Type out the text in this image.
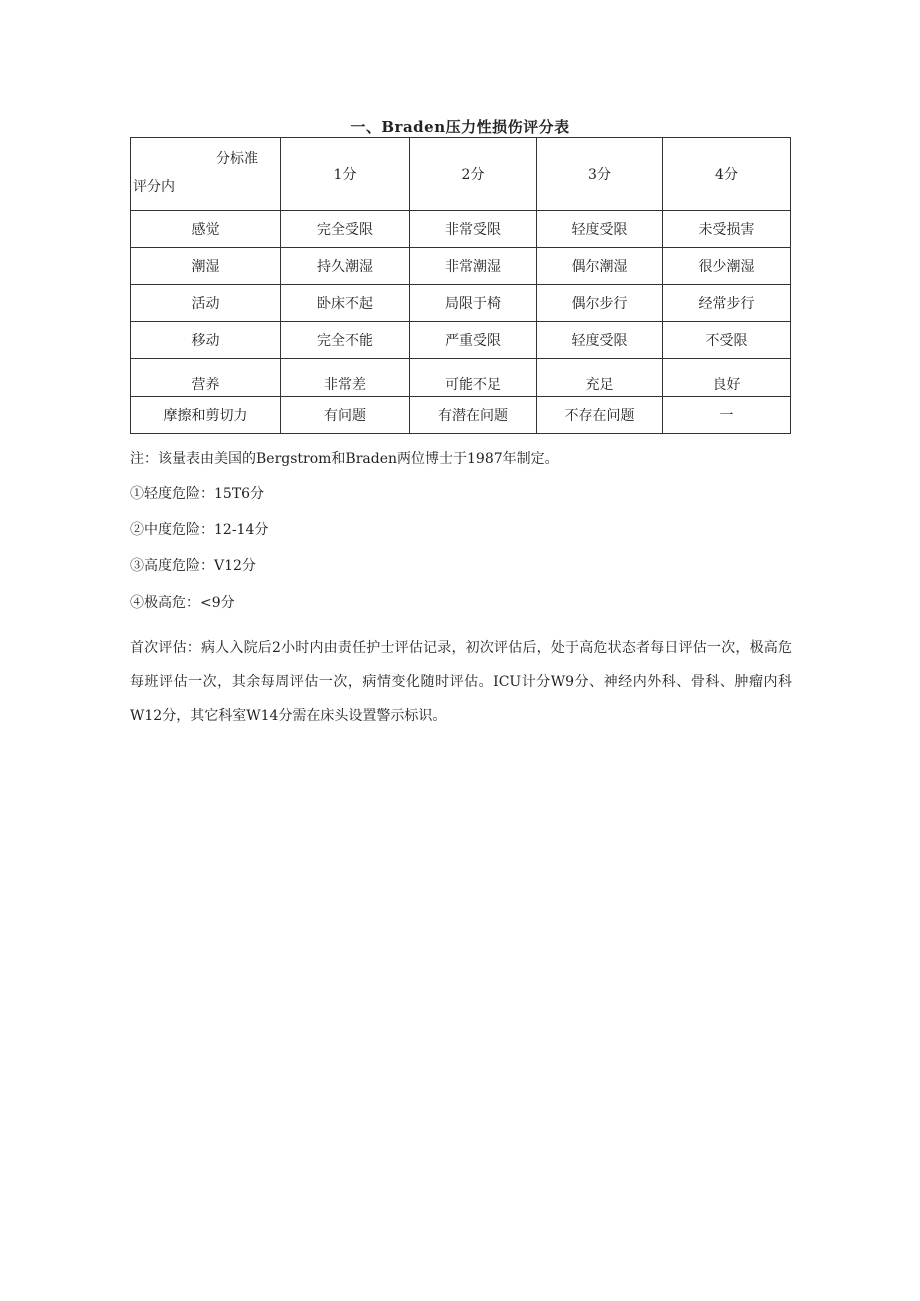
一、Braden压力性损伤评分表
分标准
评分内	1分	2分	3分	4分
感觉	完全受限	非常受限	轻度受限	未受损害
潮湿	持久潮湿	非常潮湿	偶尔潮湿	很少潮湿
活动	卧床不起	局限于椅	偶尔步行	经常步行
移动	完全不能	严重受限	轻度受限	不受限
营养	非常差	可能不足	充足	良好
摩擦和剪切力	有问题	有潜在问题	不存在问题	一
注：该量表由美国的Bergstrom和Braden两位博士于1987年制定。
①轻度危险：15T6分
②中度危险：12-14分
③高度危险：V12分
④极高危：<9分
首次评估：病人入院后2小时内由责任护士评估记录，初次评估后，处于高危状态者每日评估一次，极高危每班评估一次，其余每周评估一次，病情变化随时评估。ICU计分W9分、神经内外科、骨科、肿瘤内科W12分，其它科室W14分需在床头设置警示标识。
